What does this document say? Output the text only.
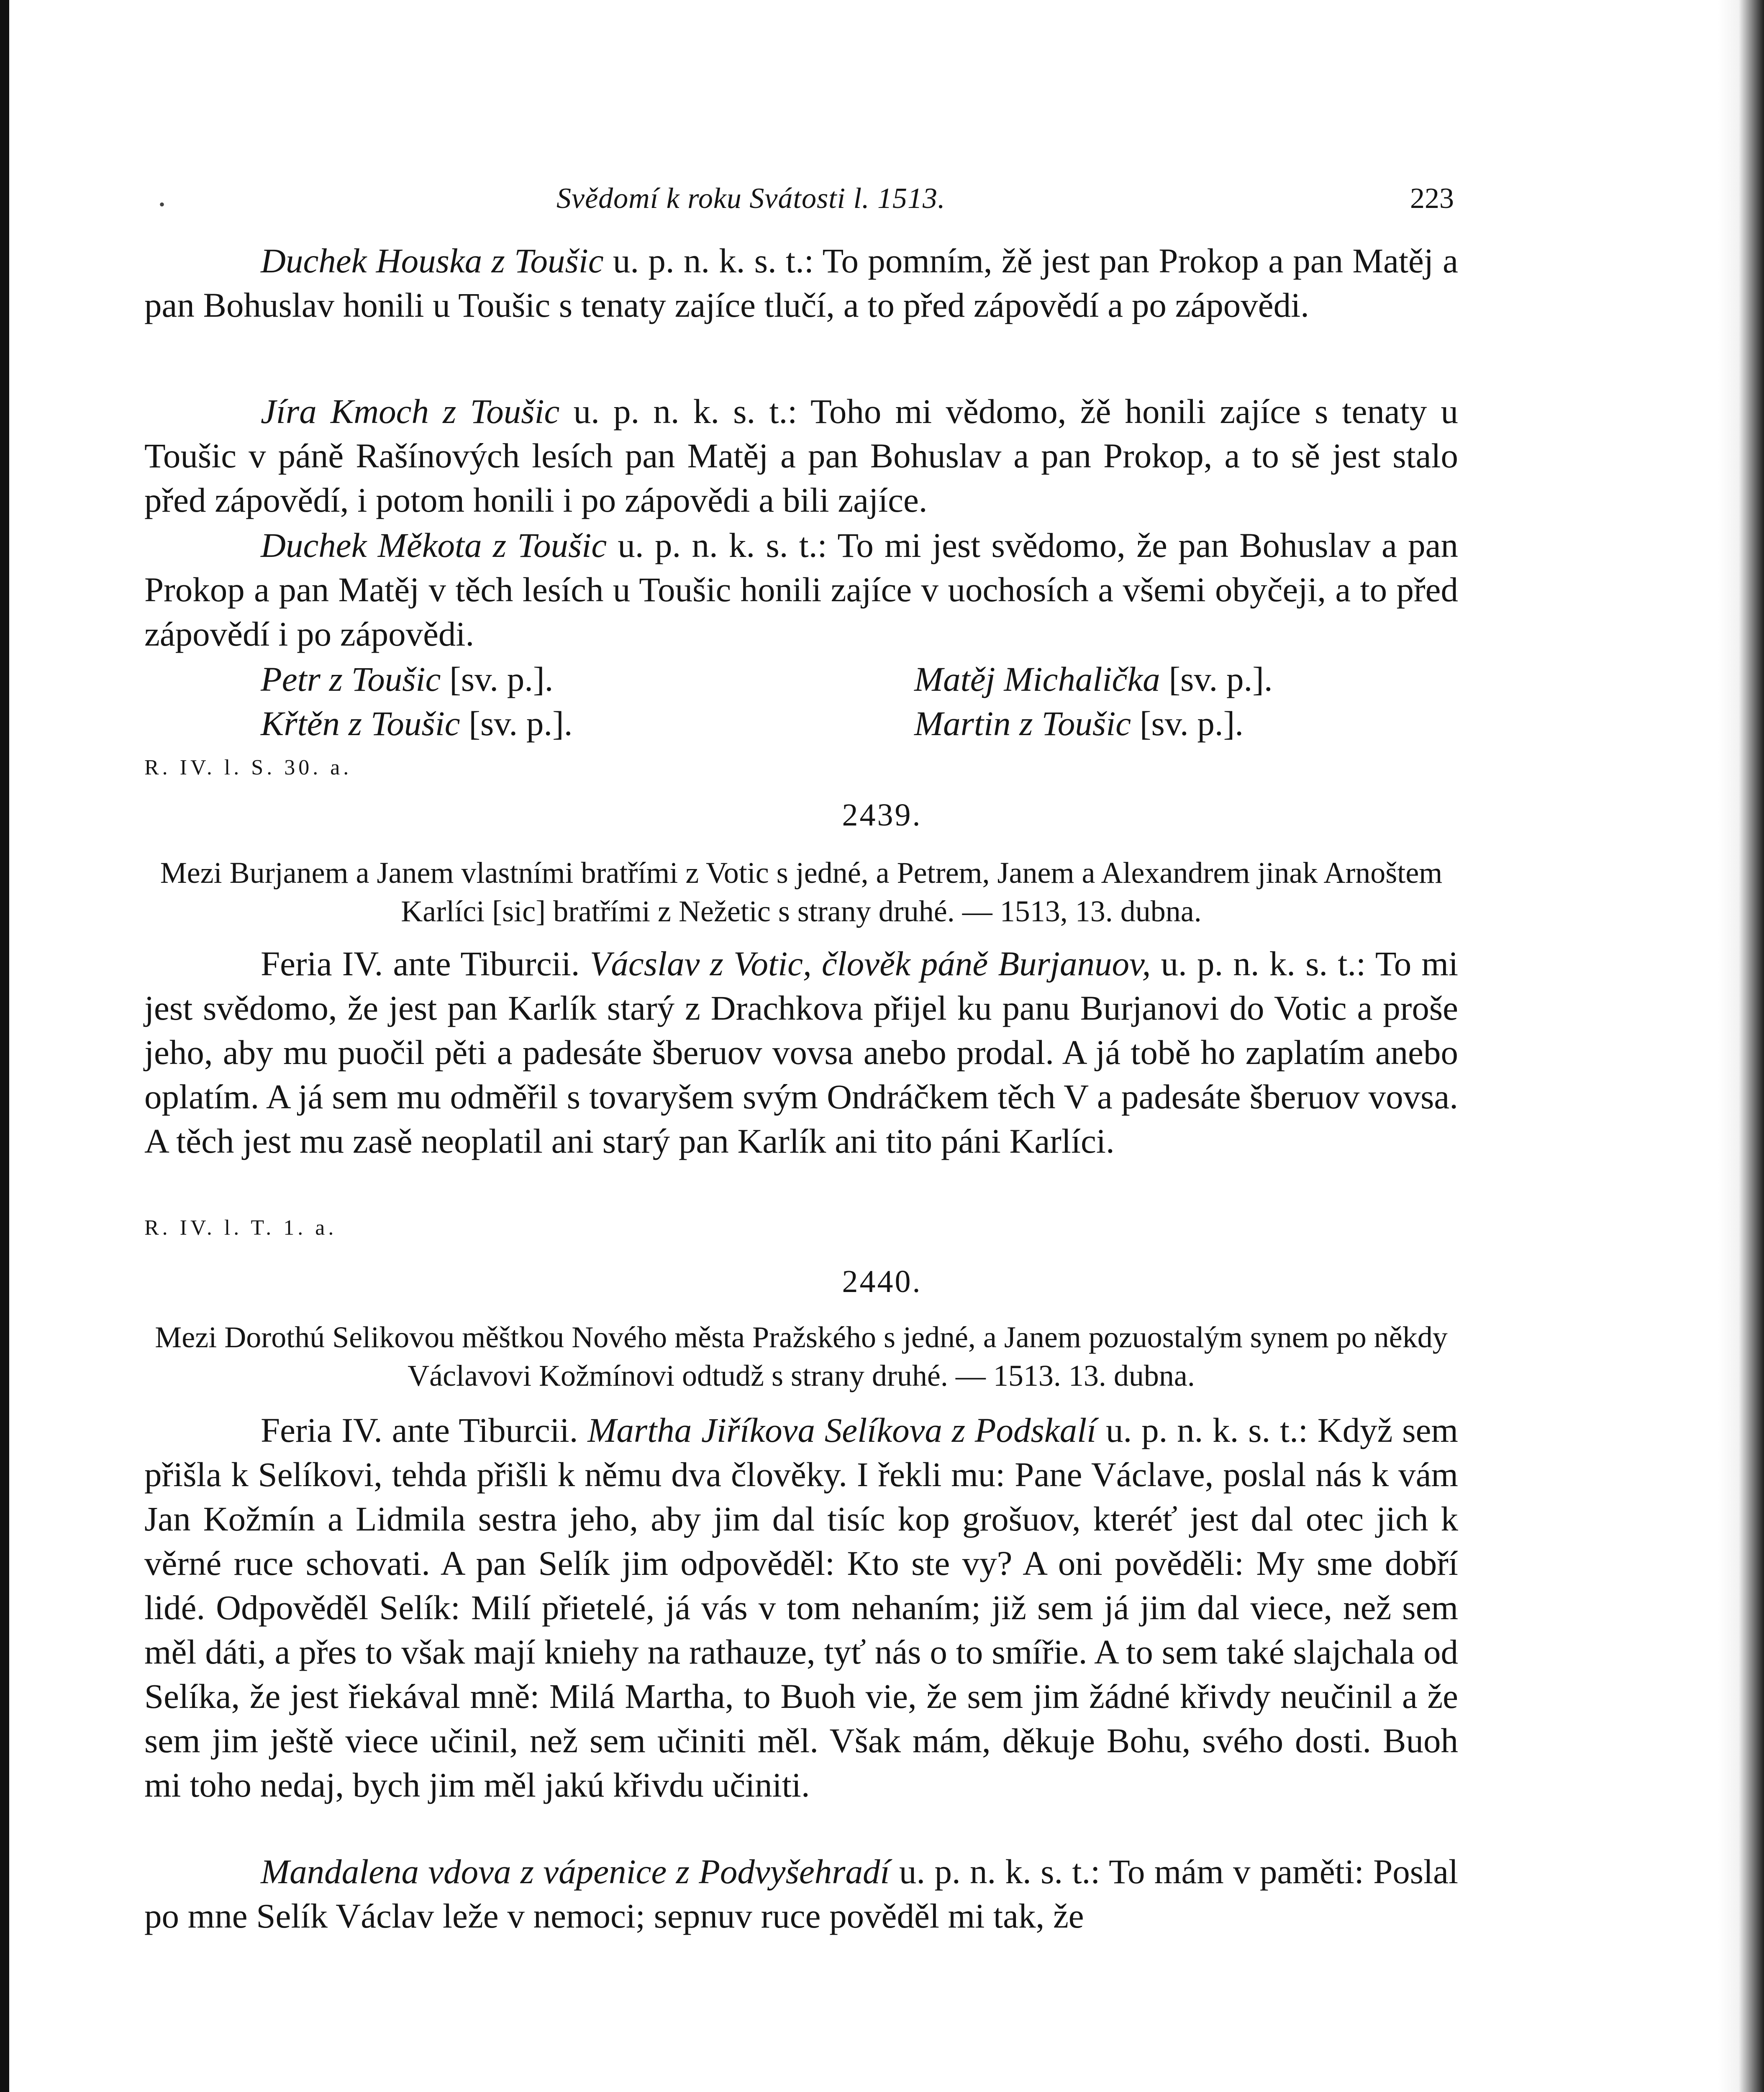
•	Svědomí k roku Svátosti l. 1513.	223

Duchek Houska z Toušic u. p. n. k. s. t.: To pomním, žě jest pan Prokop a pan Matěj a pan Bohuslav honili u Toušic s tenaty zajíce tlučí, a to před zápovědí a po zápovědi.

Jíra Kmoch z Toušic u. p. n. k. s. t.: Toho mi vědomo, žě honili zajíce s tenaty u Toušic v páně Rašínových lesích pan Matěj a pan Bohuslav a pan Prokop, a to sě jest stalo před zápovědí, i potom honili i po zápovědi a bili zajíce.

Duchek Měkota z Toušic u. p. n. k. s. t.: To mi jest svědomo, že pan Bohuslav a pan Prokop a pan Matěj v těch lesích u Toušic honili zajíce v uochosích a všemi obyčeji, a to před zápovědí i po zápovědi.

Petr z Toušic [sv. p.].	Matěj Michalička [sv. p.].
Křtěn z Toušic [sv. p.].	Martin z Toušic [sv. p.].
R. IV. l. S. 30. a.
2439.
Mezi Burjanem a Janem vlastními bratřími z Votic s jedné, a Petrem, Janem a Alexandrem jinak Arnoštem Karlíci [sic] bratřími z Nežetic s strany druhé. — 1513, 13. dubna.

Feria IV. ante Tiburcii. Vácslav z Votic, člověk páně Burjanuov, u. p. n. k. s. t.: To mi jest svědomo, že jest pan Karlík starý z Drachkova přijel ku panu Burjanovi do Votic a proše jeho, aby mu puočil pěti a padesáte šberuov vovsa anebo prodal. A já tobě ho zaplatím anebo oplatím. A já sem mu odměřil s tovaryšem svým Ondráčkem těch V a padesáte šberuov vovsa. A těch jest mu zasě neoplatil ani starý pan Karlík ani tito páni Karlíci.

R. IV. l. T. 1. a.
2440.
Mezi Dorothú Selikovou měštkou Nového města Pražského s jedné, a Janem pozuostalým synem po někdy Václavovi Kožmínovi odtudž s strany druhé. — 1513. 13. dubna.

Feria IV. ante Tiburcii. Martha Jiříkova Selíkova z Podskalí u. p. n. k. s. t.: Když sem přišla k Selíkovi, tehda přišli k němu dva člověky. I řekli mu: Pane Václave, poslal nás k vám Jan Kožmín a Lidmila sestra jeho, aby jim dal tisíc kop grošuov, kteréť jest dal otec jich k věrné ruce schovati. A pan Selík jim odpověděl: Kto ste vy? A oni pověděli: My sme dobří lidé. Odpověděl Selík: Milí přietelé, já vás v tom nehaním; již sem já jim dal viece, než sem měl dáti, a přes to však mají kniehy na rathauze, tyť nás o to smířie. A to sem také slajchala od Selíka, že jest řiekával mně: Milá Martha, to Buoh vie, že sem jim žádné křivdy neučinil a že sem jim ještě viece učinil, než sem učiniti měl. Však mám, děkuje Bohu, svého dosti. Buoh mi toho nedaj, bych jim měl jakú křivdu učiniti.

Mandalena vdova z vápenice z Podvyšehradí u. p. n. k. s. t.: To mám v paměti: Poslal po mne Selík Václav leže v nemoci; sepnuv ruce pověděl mi tak, že
